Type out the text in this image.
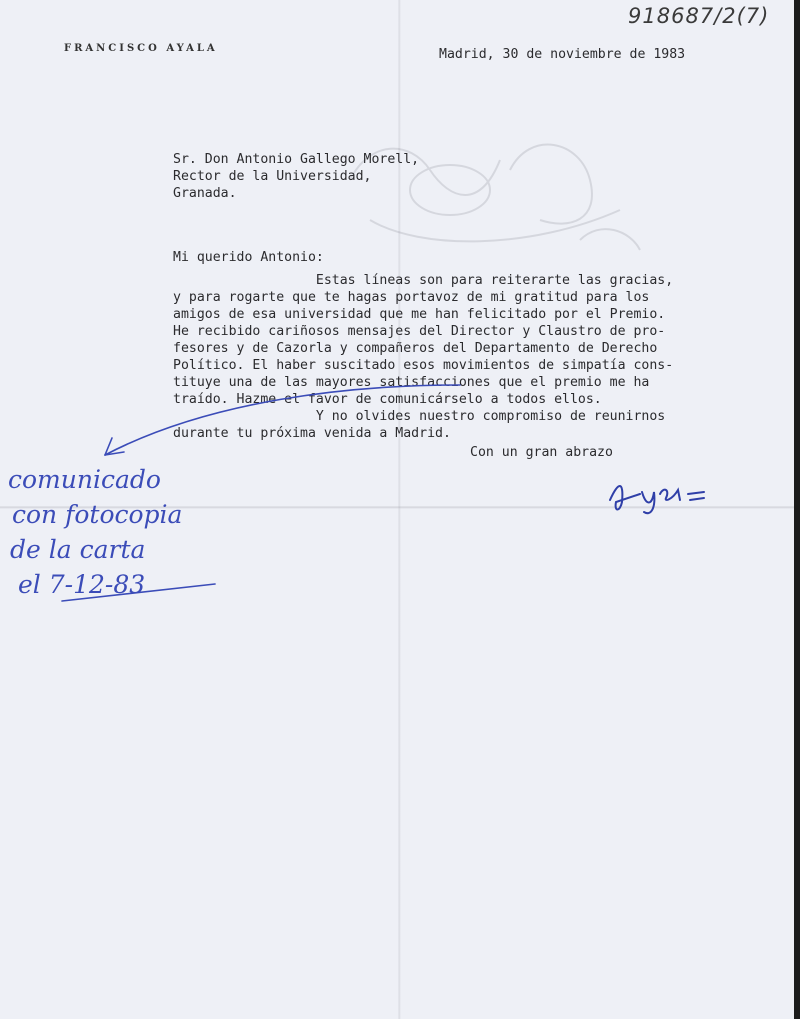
918687/2(7)
FRANCISCO AYALA	Madrid, 30 de noviembre de 1983

Sr. Don Antonio Gallego Morell,
Rector de la Universidad,
Granada.
Mi querido Antonio:
Estas líneas son para reiterarte las gracias,
y para rogarte que te hagas portavoz de mi gratitud para los
amigos de esa universidad que me han felicitado por el Premio.
He recibido cariñosos mensajes del Director y Claustro de pro-
fesores y de Cazorla y compañeros del Departamento de Derecho
Político. El haber suscitado esos movimientos de simpatía cons-
tituye una de las mayores satisfacciones que el premio me ha
traído. Hazme el favor de comunicárselo a todos ellos.
Y no olvides nuestro compromiso de reunirnos
durante tu próxima venida a Madrid.
Con un gran abrazo
comunicado
con fotocopia
de la carta
el 7-12-83
